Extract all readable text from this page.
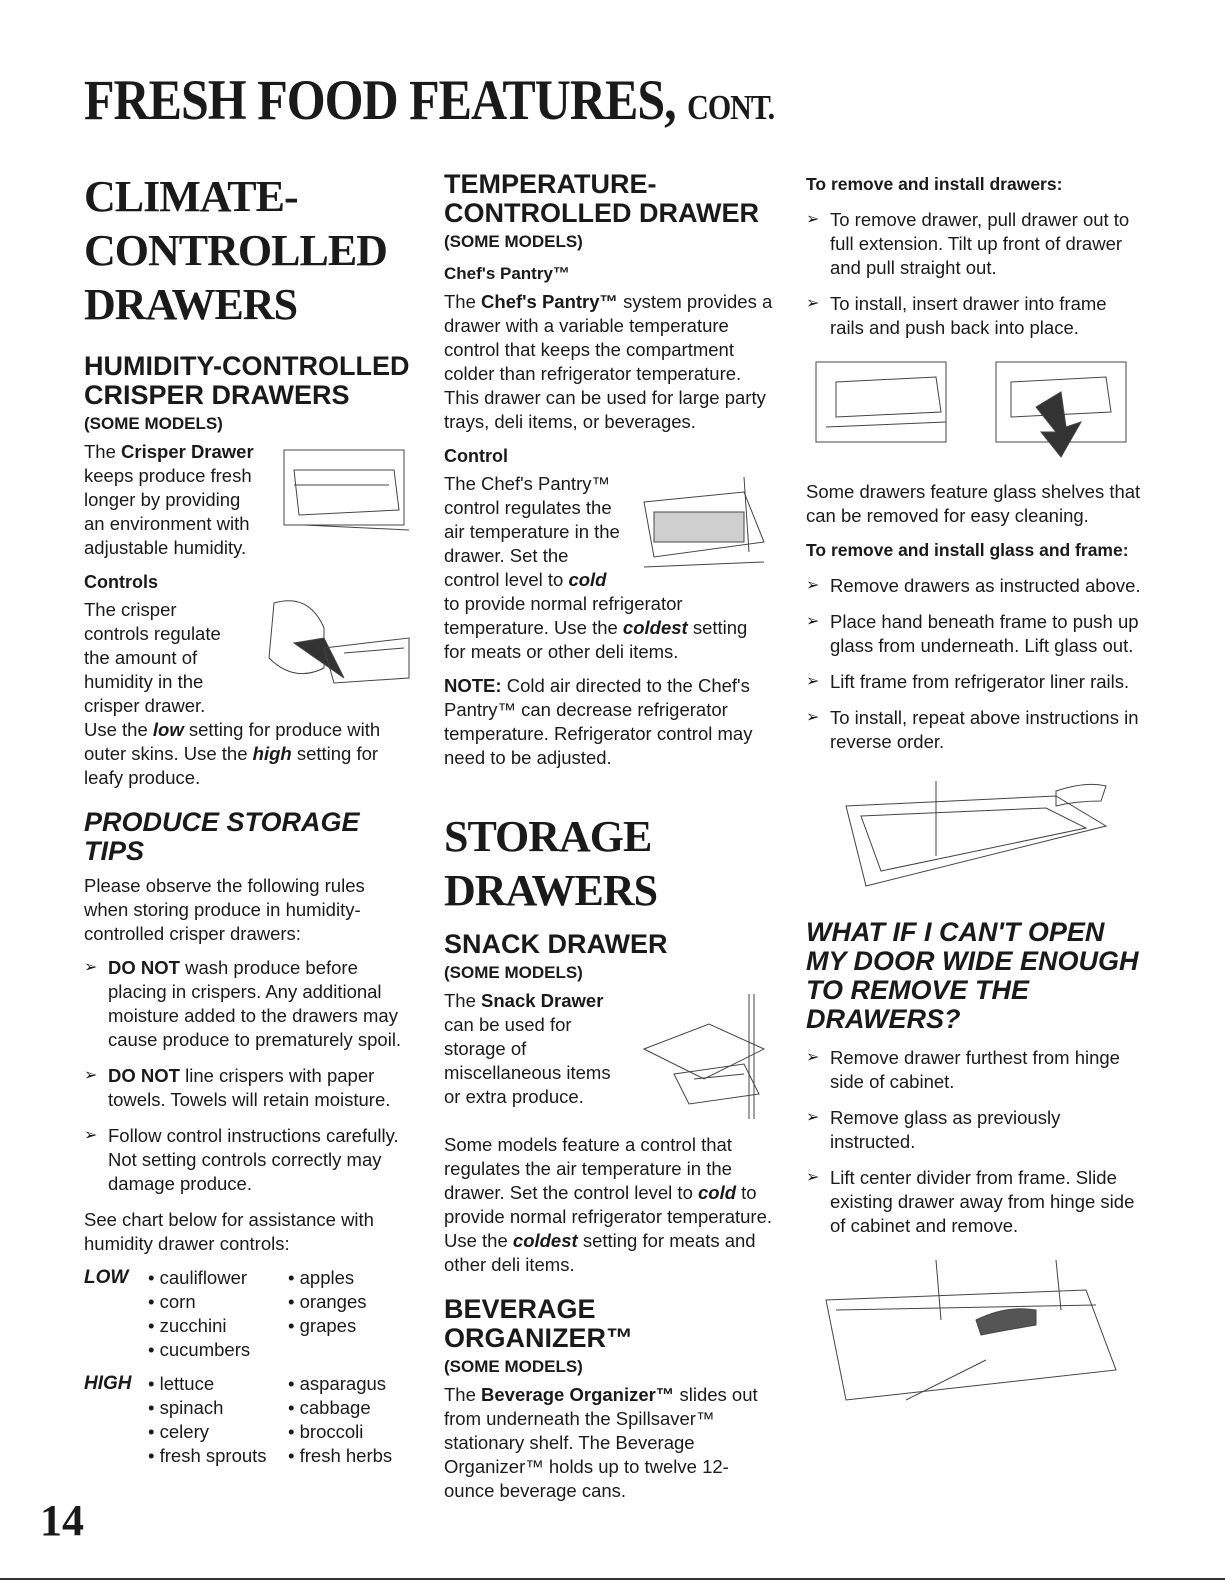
FRESH FOOD FEATURES, CONT.
CLIMATE-CONTROLLED DRAWERS
HUMIDITY-CONTROLLED CRISPER DRAWERS
(SOME MODELS)

The Crisper Drawer keeps produce fresh longer by providing an environment with adjustable humidity.

Controls

The crisper controls regulate the amount of humidity in the crisper drawer. Use the low setting for produce with outer skins. Use the high setting for leafy produce.

PRODUCE STORAGE TIPS

Please observe the following rules when storing produce in humidity-controlled crisper drawers:

➢ DO NOT wash produce before placing in crispers. Any additional moisture added to the drawers may cause produce to prematurely spoil.
➢ DO NOT line crispers with paper towels. Towels will retain moisture.
➢ Follow control instructions carefully. Not setting controls correctly may damage produce.

See chart below for assistance with humidity drawer controls:

LOW	• cauliflower	• apples
• corn	• oranges
• zucchini	• grapes
• cucumbers
HIGH	• lettuce	• asparagus
• spinach	• cabbage
• celery	• broccoli
• fresh sprouts	• fresh herbs
TEMPERATURE-CONTROLLED DRAWER
(SOME MODELS)
Chef's Pantry™

The Chef's Pantry™ system provides a drawer with a variable temperature control that keeps the compartment colder than refrigerator temperature. This drawer can be used for large party trays, deli items, or beverages.

Control

The Chef's Pantry™ control regulates the air temperature in the drawer. Set the control level to cold to provide normal refrigerator temperature. Use the coldest setting for meats or other deli items.

NOTE: Cold air directed to the Chef's Pantry™ can decrease refrigerator temperature. Refrigerator control may need to be adjusted.

STORAGE DRAWERS
SNACK DRAWER
(SOME MODELS)

The Snack Drawer can be used for storage of miscellaneous items or extra produce.

Some models feature a control that regulates the air temperature in the drawer. Set the control level to cold to provide normal refrigerator temperature. Use the coldest setting for meats and other deli items.

BEVERAGE ORGANIZER™
(SOME MODELS)

The Beverage Organizer™ slides out from underneath the Spillsaver™ stationary shelf. The Beverage Organizer™ holds up to twelve 12-ounce beverage cans.

To remove and install drawers:
➢ To remove drawer, pull drawer out to full extension. Tilt up front of drawer and pull straight out.
➢ To install, insert drawer into frame rails and push back into place.

Some drawers feature glass shelves that can be removed for easy cleaning.

To remove and install glass and frame:
➢ Remove drawers as instructed above.
➢ Place hand beneath frame to push up glass from underneath. Lift glass out.
➢ Lift frame from refrigerator liner rails.
➢ To install, repeat above instructions in reverse order.
WHAT IF I CAN'T OPEN MY DOOR WIDE ENOUGH TO REMOVE THE DRAWERS?
➢ Remove drawer furthest from hinge side of cabinet.
➢ Remove glass as previously instructed.
➢ Lift center divider from frame. Slide existing drawer away from hinge side of cabinet and remove.
14
